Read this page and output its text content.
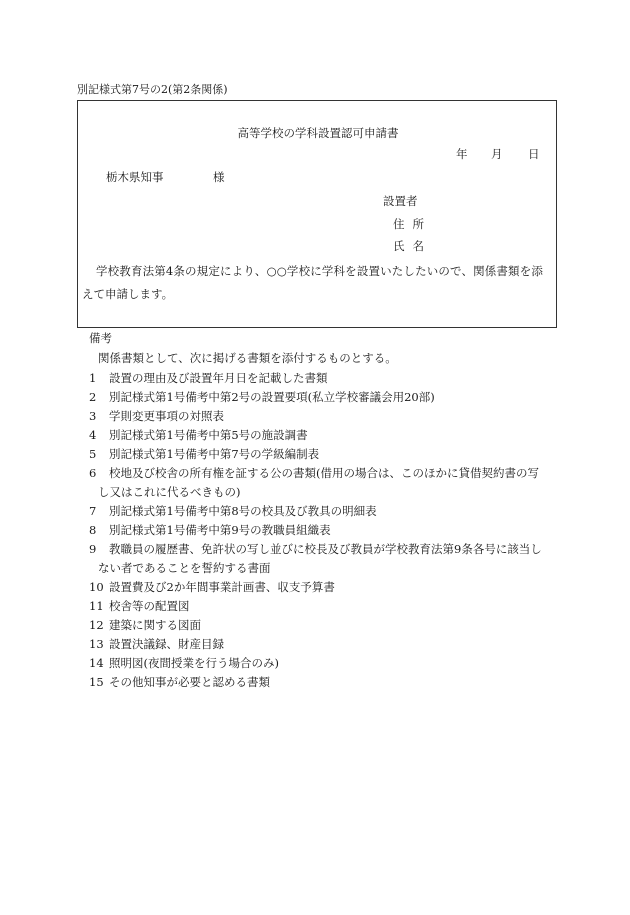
別記様式第7号の2(第2条関係)
高等学校の学科設置認可申請書
年 月 日
栃木県知事	様
設置者
住所
氏名
学校教育法第4条の規定により、○○学校に学科を設置いたしたいので、関係書類を添
えて申請します。
備考
関係書類として、次に掲げる書類を添付するものとする。
1 設置の理由及び設置年月日を記載した書類
2 別記様式第1号備考中第2号の設置要項(私立学校審議会用20部)
3 学則変更事項の対照表
4 別記様式第1号備考中第5号の施設調書
5 別記様式第1号備考中第7号の学級編制表
6 校地及び校舎の所有権を証する公の書類(借用の場合は、このほかに貸借契約書の写
し又はこれに代るべきもの)
7 別記様式第1号備考中第8号の校具及び教具の明細表
8 別記様式第1号備考中第9号の教職員組織表
9 教職員の履歴書、免許状の写し並びに校長及び教員が学校教育法第9条各号に該当し
ない者であることを誓約する書面
10 設置費及び2か年間事業計画書、収支予算書
11 校舎等の配置図
12 建築に関する図面
13 設置決議録、財産目録
14 照明図(夜間授業を行う場合のみ)
15 その他知事が必要と認める書類
